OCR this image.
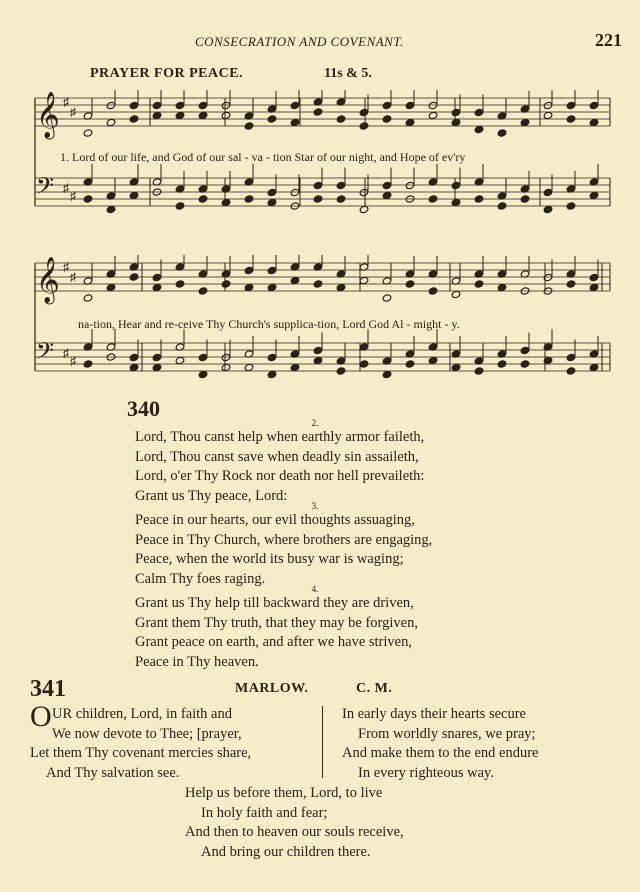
CONSECRATION AND COVENANT.	221
PRAYER FOR PEACE.	11s & 5.
𝄞 ♯
♯
𝄢 ♯
♯
1. Lord of our life, and God of our sal - va - tion Star of our night, and Hope of ev'ry
𝄞 ♯
♯
𝄢 ♯
♯
na-tion, Hear and re-ceive Thy Church's supplica-tion, Lord God Al - might - y.
340
2.
Lord, Thou canst help when earthly armor faileth,
Lord, Thou canst save when deadly sin assaileth,
Lord, o'er Thy Rock nor death nor hell prevaileth:
Grant us Thy peace, Lord:
3.
Peace in our hearts, our evil thoughts assuaging,
Peace in Thy Church, where brothers are engaging,
Peace, when the world its busy war is waging;
Calm Thy foes raging.
4.
Grant us Thy help till backward they are driven,
Grant them Thy truth, that they may be forgiven,
Grant peace on earth, and after we have striven,
Peace in Thy heaven.
341	MARLOW.	C. M.
O UR children, Lord, in faith and
We now devote to Thee; [prayer,
Let them Thy covenant mercies share,
And Thy salvation see.
In early days their hearts secure
From worldly snares, we pray;
And make them to the end endure
In every righteous way.
Help us before them, Lord, to live
In holy faith and fear;
And then to heaven our souls receive,
And bring our children there.
